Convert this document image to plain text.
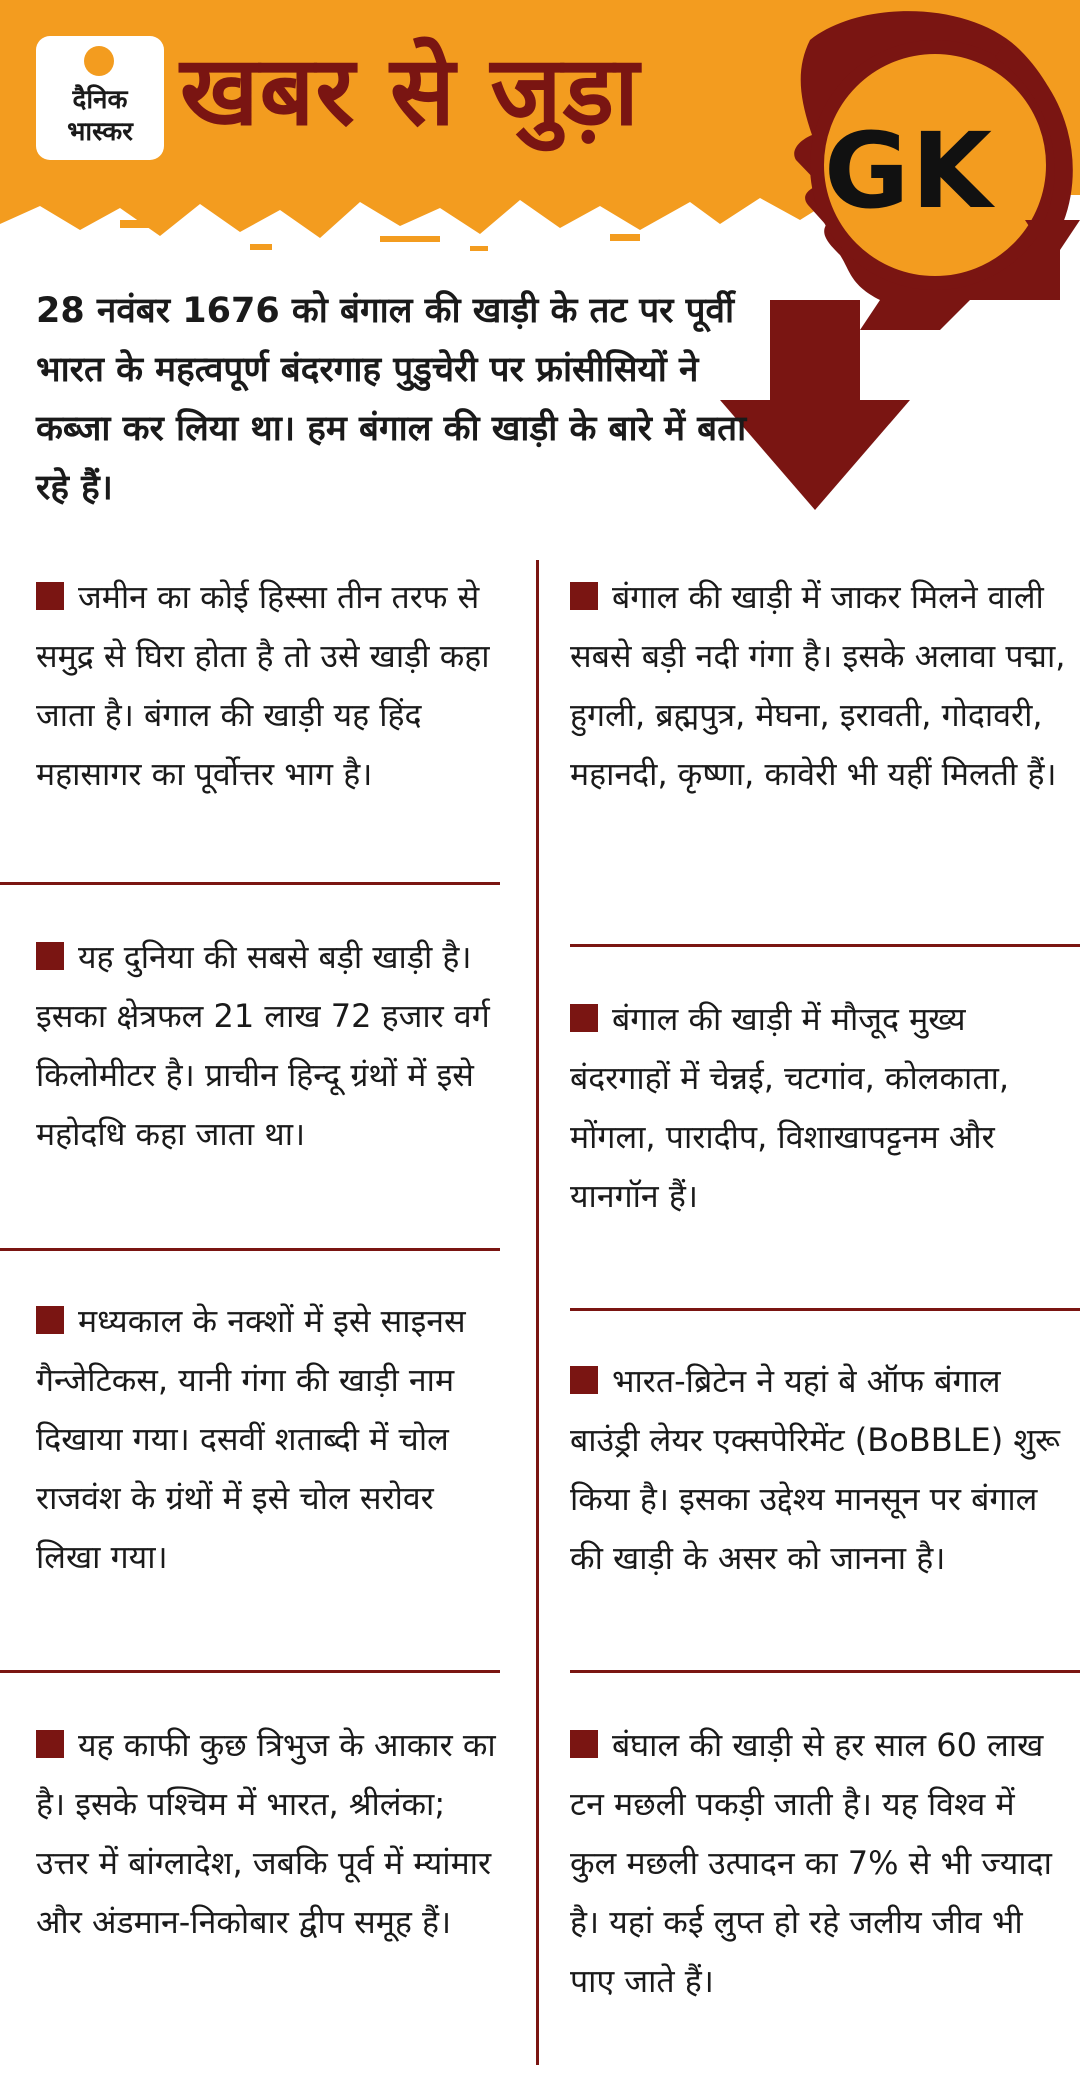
दैनिक
भास्कर खबर से जुड़ा
GK
28 नवंबर 1676 को बंगाल की खाड़ी के तट पर पूर्वी भारत के महत्वपूर्ण बंदरगाह पुडुचेरी पर फ्रांसीसियों ने कब्जा कर लिया था। हम बंगाल की खाड़ी के बारे में बता रहे हैं।
जमीन का कोई हिस्सा तीन तरफ से समुद्र से घिरा होता है तो उसे खाड़ी कहा जाता है। बंगाल की खाड़ी यह हिंद महासागर का पूर्वोत्तर भाग है।
यह दुनिया की सबसे बड़ी खाड़ी है। इसका क्षेत्रफल 21 लाख 72 हजार वर्ग किलोमीटर है। प्राचीन हिन्दू ग्रंथों में इसे महोदधि कहा जाता था।
मध्यकाल के नक्शों में इसे साइनस गैन्जेटिकस, यानी गंगा की खाड़ी नाम दिखाया गया। दसवीं शताब्दी में चोल राजवंश के ग्रंथों में इसे चोल सरोवर लिखा गया।
यह काफी कुछ त्रिभुज के आकार का है। इसके पश्चिम में भारत, श्रीलंका; उत्तर में बांग्लादेश, जबकि पूर्व में म्यांमार और अंडमान-निकोबार द्वीप समूह हैं।
बंगाल की खाड़ी में जाकर मिलने वाली सबसे बड़ी नदी गंगा है। इसके अलावा पद्मा, हुगली, ब्रह्मपुत्र, मेघना, इरावती, गोदावरी, महानदी, कृष्णा, कावेरी भी यहीं मिलती हैं।
बंगाल की खाड़ी में मौजूद मुख्य बंदरगाहों में चेन्नई, चटगांव, कोलकाता, मोंगला, पारादीप, विशाखापट्टनम और यानगॉन हैं।
भारत-ब्रिटेन ने यहां बे ऑफ बंगाल बाउंड्री लेयर एक्सपेरिमेंट (BoBBLE) शुरू किया है। इसका उद्देश्य मानसून पर बंगाल की खाड़ी के असर को जानना है।
बंघाल की खाड़ी से हर साल 60 लाख टन मछली पकड़ी जाती है। यह विश्व में कुल मछली उत्पादन का 7% से भी ज्यादा है। यहां कई लुप्त हो रहे जलीय जीव भी पाए जाते हैं।
